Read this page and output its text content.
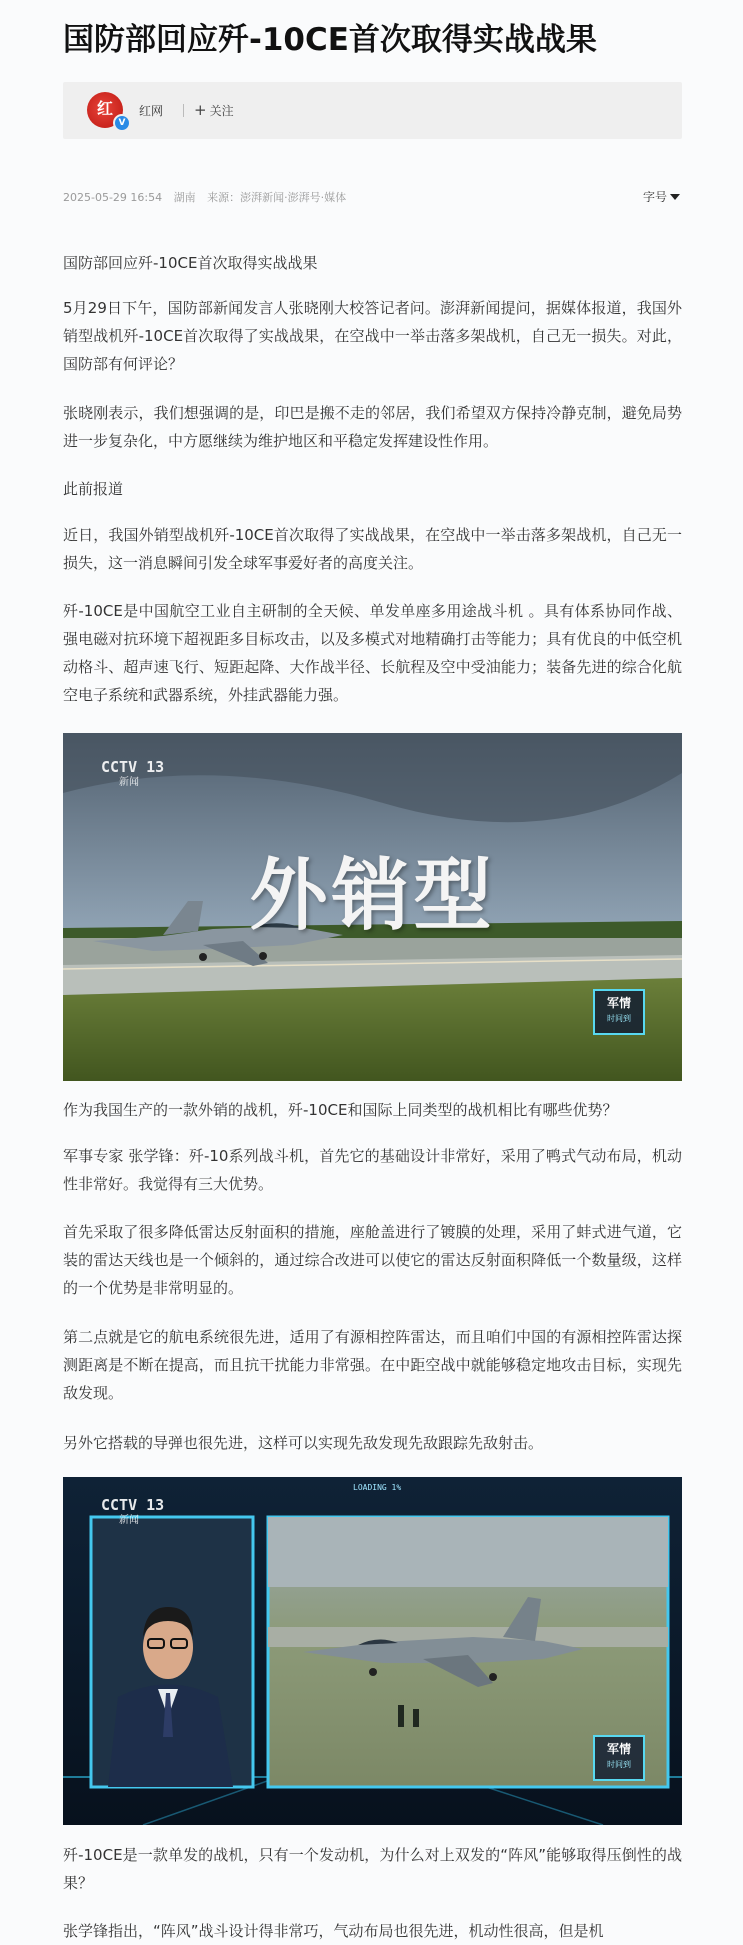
国防部回应歼-10CE首次取得实战战果
红
V
红网 + 关注
2025-05-29 16:54 湖南 来源：澎湃新闻·澎湃号·媒体	字号

国防部回应歼-10CE首次取得实战战果

5月29日下午，国防部新闻发言人张晓刚大校答记者问。澎湃新闻提问，据媒体报道，我国外销型战机歼-10CE首次取得了实战战果，在空战中一举击落多架战机，自己无一损失。对此，国防部有何评论？

张晓刚表示，我们想强调的是，印巴是搬不走的邻居，我们希望双方保持冷静克制，避免局势进一步复杂化，中方愿继续为维护地区和平稳定发挥建设性作用。

此前报道

近日，我国外销型战机歼-10CE首次取得了实战战果，在空战中一举击落多架战机，自己无一损失，这一消息瞬间引发全球军事爱好者的高度关注。

歼-10CE是中国航空工业自主研制的全天候、单发单座多用途战斗机 。具有体系协同作战、强电磁对抗环境下超视距多目标攻击，以及多模式对地精确打击等能力；具有优良的中低空机动格斗、超声速飞行、短距起降、大作战半径、长航程及空中受油能力；装备先进的综合化航空电子系统和武器系统，外挂武器能力强。

CCTV 13
新闻
外销型
军情
时间到

作为我国生产的一款外销的战机，歼-10CE和国际上同类型的战机相比有哪些优势？

军事专家 张学锋：歼-10系列战斗机，首先它的基础设计非常好，采用了鸭式气动布局，机动性非常好。我觉得有三大优势。

首先采取了很多降低雷达反射面积的措施，座舱盖进行了镀膜的处理，采用了蚌式进气道，它装的雷达天线也是一个倾斜的，通过综合改进可以使它的雷达反射面积降低一个数量级，这样的一个优势是非常明显的。

第二点就是它的航电系统很先进，适用了有源相控阵雷达，而且咱们中国的有源相控阵雷达探测距离是不断在提高，而且抗干扰能力非常强。在中距空战中就能够稳定地攻击目标，实现先敌发现。

另外它搭载的导弹也很先进，这样可以实现先敌发现先敌跟踪先敌射击。

CCTV 13
新闻
LOADING 1%
军情
时间到

歼-10CE是一款单发的战机，只有一个发动机，为什么对上双发的“阵风”能够取得压倒性的战果？

张学锋指出，“阵风”战斗设计得非常巧，气动布局也很先进，机动性很高，但是机
